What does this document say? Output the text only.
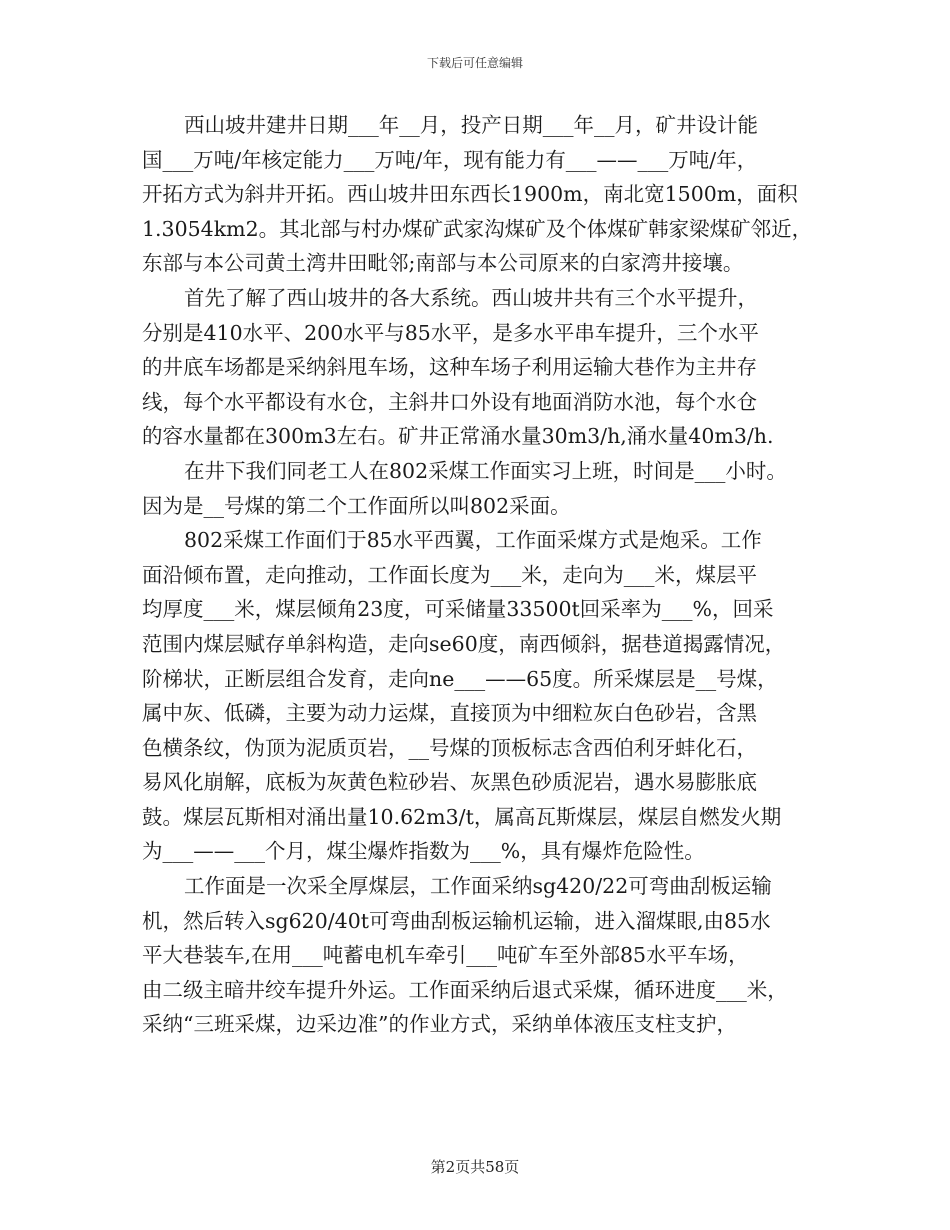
下载后可任意编辑
西山坡井建井日期___年__月，投产日期___年__月，矿井设计能
国___万吨/年核定能力___万吨/年，现有能力有___——___万吨/年，
开拓方式为斜井开拓。西山坡井田东西长1900m，南北宽1500m，面积
1.3054km2。其北部与村办煤矿武家沟煤矿及个体煤矿韩家梁煤矿邻近，
东部与本公司黄土湾井田毗邻;南部与本公司原来的白家湾井接壤。
首先了解了西山坡井的各大系统。西山坡井共有三个水平提升，
分别是410水平、200水平与85水平，是多水平串车提升，三个水平
的井底车场都是采纳斜甩车场，这种车场子利用运输大巷作为主井存
线，每个水平都设有水仓，主斜井口外设有地面消防水池，每个水仓
的容水量都在300m3左右。矿井正常涌水量30m3/h,涌水量40m3/h.
在井下我们同老工人在802采煤工作面实习上班，时间是___小时。
因为是__号煤的第二个工作面所以叫802采面。
802采煤工作面们于85水平西翼，工作面采煤方式是炮采。工作
面沿倾布置，走向推动，工作面长度为___米，走向为___米，煤层平
均厚度___米，煤层倾角23度，可采储量33500t回采率为___%，回采
范围内煤层赋存单斜构造，走向se60度，南西倾斜，据巷道揭露情况，
阶梯状，正断层组合发育，走向ne___——65度。所采煤层是__号煤，
属中灰、低磷，主要为动力运煤，直接顶为中细粒灰白色砂岩，含黑
色横条纹，伪顶为泥质页岩，__号煤的顶板标志含西伯利牙蚌化石，
易风化崩解，底板为灰黄色粒砂岩、灰黑色砂质泥岩，遇水易膨胀底
鼓。煤层瓦斯相对涌出量10.62m3/t，属高瓦斯煤层，煤层自燃发火期
为___——___个月，煤尘爆炸指数为___%，具有爆炸危险性。
工作面是一次采全厚煤层，工作面采纳sg420/22可弯曲刮板运输
机，然后转入sg620/40t可弯曲刮板运输机运输，进入溜煤眼,由85水
平大巷装车,在用___吨蓄电机车牵引___吨矿车至外部85水平车场，
由二级主暗井绞车提升外运。工作面采纳后退式采煤，循环进度___米，
采纳“三班采煤，边采边准”的作业方式，采纳单体液压支柱支护，
第2页共58页
